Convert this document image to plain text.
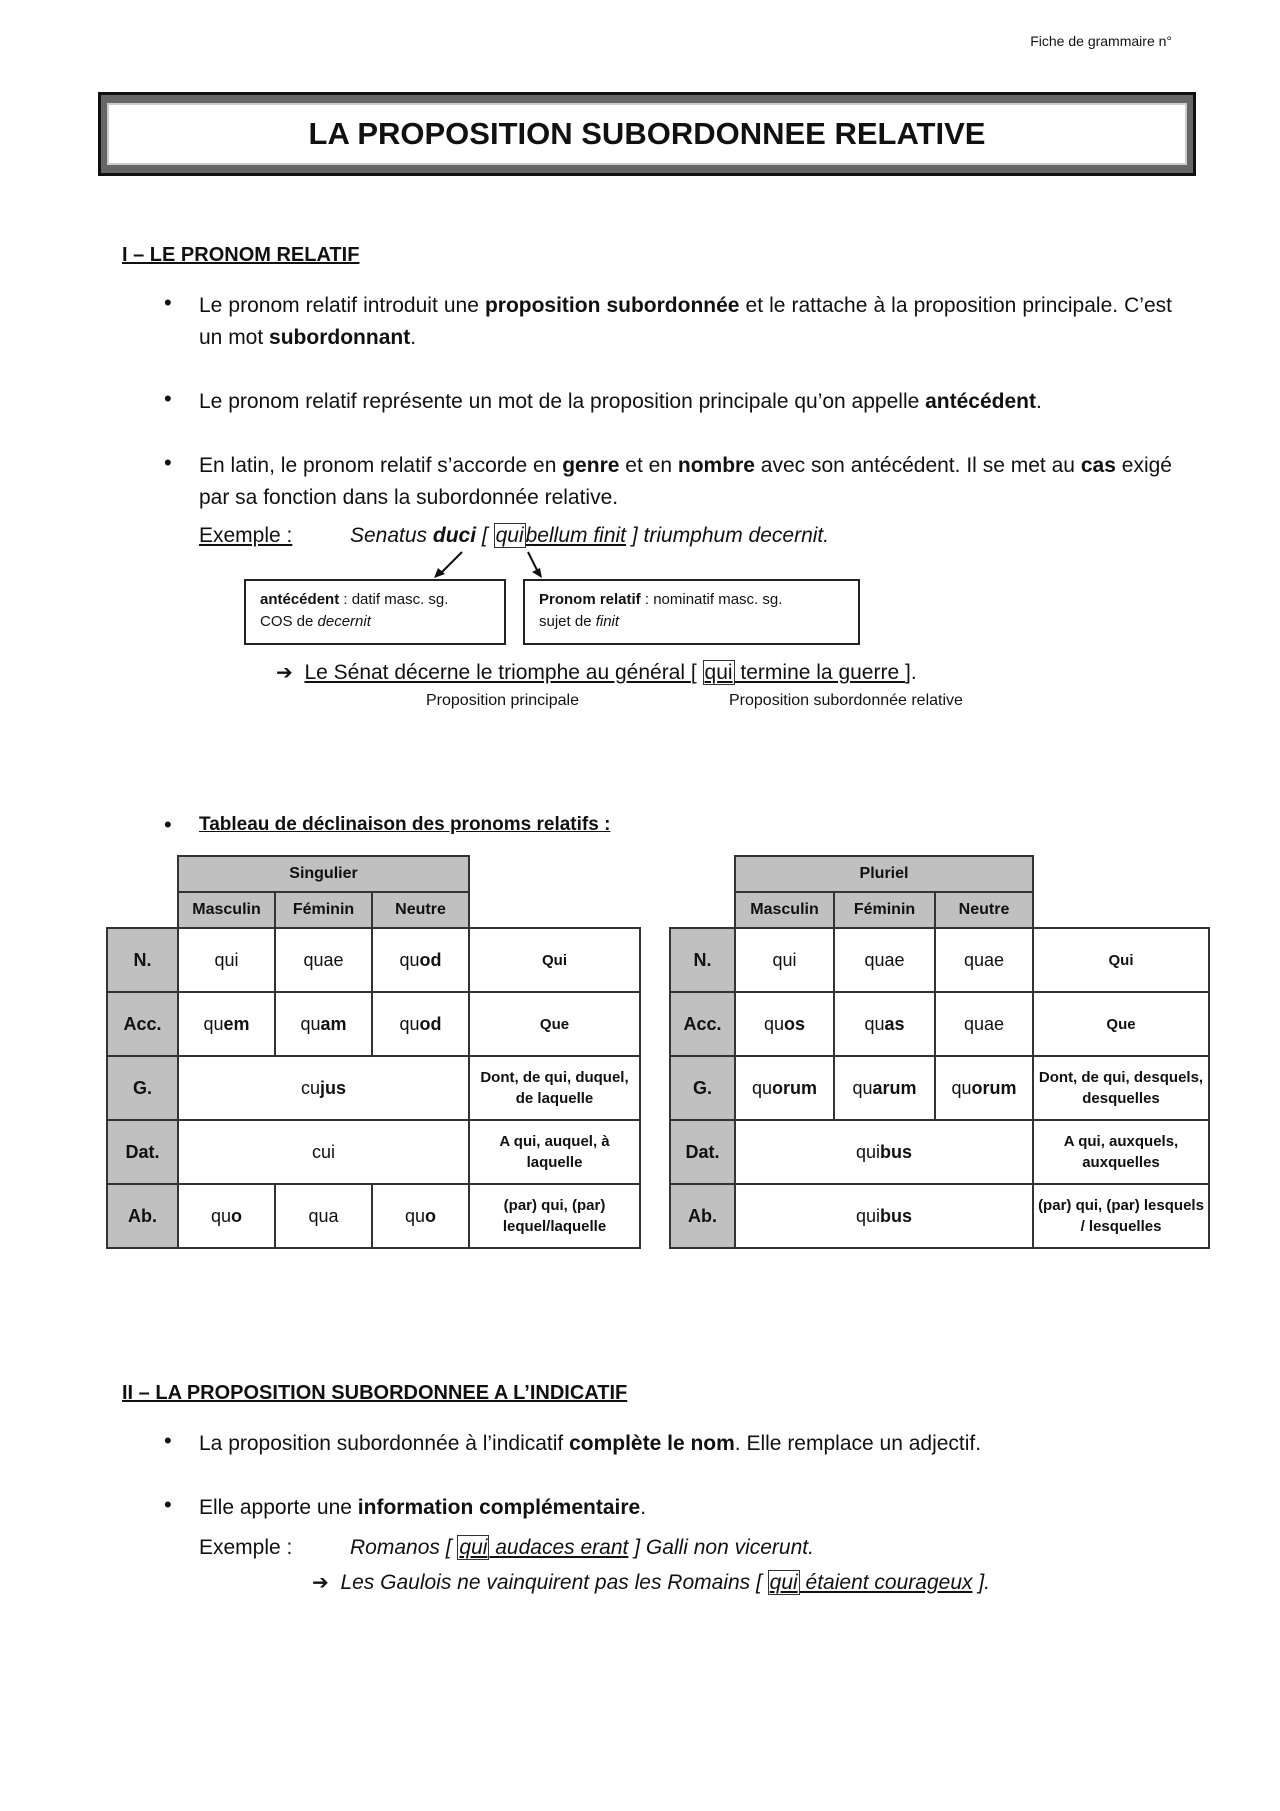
Fiche de grammaire n°
LA PROPOSITION SUBORDONNEE RELATIVE
I – LE PRONOM RELATIF
• Le pronom relatif introduit une proposition subordonnée et le rattache à la proposition principale. C’est un mot subordonnant.
• Le pronom relatif représente un mot de la proposition principale qu’on appelle antécédent.
• En latin, le pronom relatif s’accorde en genre et en nombre avec son antécédent. Il se met au cas exigé par sa fonction dans la subordonnée relative.
Exemple :	Senatus duci [ quibellum finit ] triumphum decernit.
antécédent : datif masc. sg.
COS de decernit
Pronom relatif : nominatif masc. sg.
sujet de finit
➔ Le Sénat décerne le triomphe au général [ qui termine la guerre ].
Proposition principale	Proposition subordonnée relative
• Tableau de déclinaison des pronoms relatifs :
	Singulier			
	Masculin	Féminin	Neutre	
N.	qui	quae	quod	Qui
Acc.	quem	quam	quod	Que
G.	cujus			Dont, de qui, duquel, de laquelle
Dat.	cui			A qui, auquel, à laquelle
Ab.	quo	qua	quo	(par) qui, (par) lequel/laquelle
	Pluriel			
	Masculin	Féminin	Neutre	
N.	qui	quae	quae	Qui
Acc.	quos	quas	quae	Que
G.	quorum	quarum	quorum	Dont, de qui, desquels, desquelles
Dat.	quibus			A qui, auxquels, auxquelles
Ab.	quibus			(par) qui, (par) lesquels / lesquelles
II – LA PROPOSITION SUBORDONNEE A L’INDICATIF
• La proposition subordonnée à l’indicatif complète le nom. Elle remplace un adjectif.
• Elle apporte une information complémentaire.
Exemple :	Romanos [ qui audaces erant ] Galli non vicerunt.
➔ Les Gaulois ne vainquirent pas les Romains [ qui étaient courageux ].
